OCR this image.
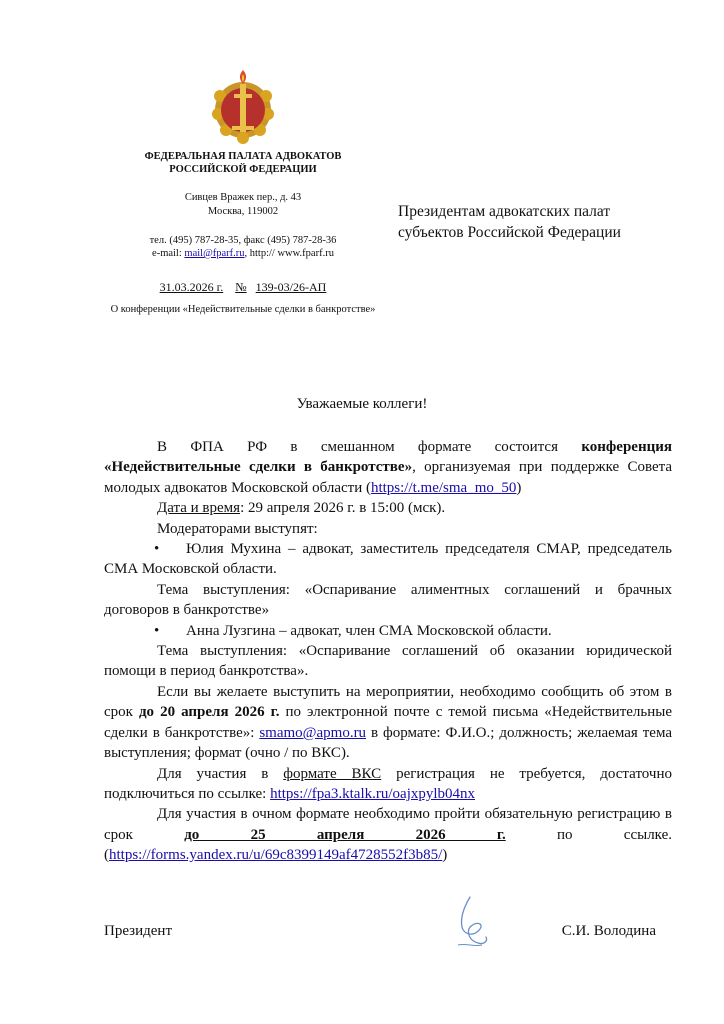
ФЕДЕРАЛЬНАЯ ПАЛАТА АДВОКАТОВ
РОССИЙСКОЙ ФЕДЕРАЦИИ
Сивцев Вражек пер., д. 43
Москва, 119002
тел. (495) 787-28-35, факс (495) 787-28-36
e-mail: mail@fparf.ru, http:// www.fparf.ru
31.03.2026 г. № 139-03/26-АП
О конференции «Недействительные сделки в банкротстве»
Президентам адвокатских палат
субъектов Российской Федерации
Уважаемые коллеги!

В ФПА РФ в смешанном формате состоится конференция «Недействительные сделки в банкротстве», организуемая при поддержке Совета молодых адвокатов Московской области (https://t.me/sma_mo_50)

Дата и время: 29 апреля 2026 г. в 15:00 (мск).

Модераторами выступят:

• Юлия Мухина – адвокат, заместитель председателя СМАР, председатель СМА Московской области.

Тема выступления: «Оспаривание алиментных соглашений и брачных договоров в банкротстве»

• Анна Лузгина – адвокат, член СМА Московской области.

Тема выступления: «Оспаривание соглашений об оказании юридической помощи в период банкротства».

Если вы желаете выступить на мероприятии, необходимо сообщить об этом в срок до 20 апреля 2026 г. по электронной почте с темой письма «Недействительные сделки в банкротстве»: smamo@apmo.ru в формате: Ф.И.О.; должность; желаемая тема выступления; формат (очно / по ВКС).

Для участия в формате ВКС регистрация не требуется, достаточно подключиться по ссылке: https://fpa3.ktalk.ru/oajxpylb04nx

Для участия в очном формате необходимо пройти обязательную регистрацию в срок до 25 апреля 2026 г. по ссылке. (https://forms.yandex.ru/u/69c8399149af4728552f3b85/)

Президент	С.И. Володина
